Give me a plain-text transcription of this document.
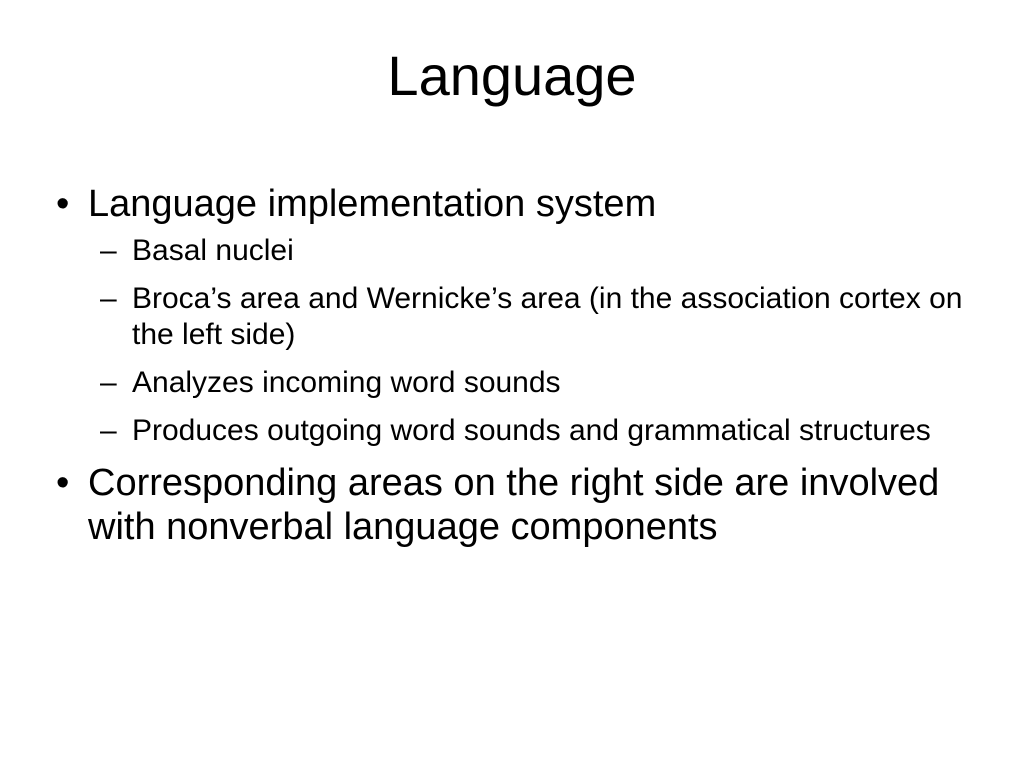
Language
• Language implementation system
– Basal nuclei
– Broca’s area and Wernicke’s area (in the association cortex on the left side)
– Analyzes incoming word sounds
– Produces outgoing word sounds and grammatical structures
• Corresponding areas on the right side are involved with nonverbal language components
